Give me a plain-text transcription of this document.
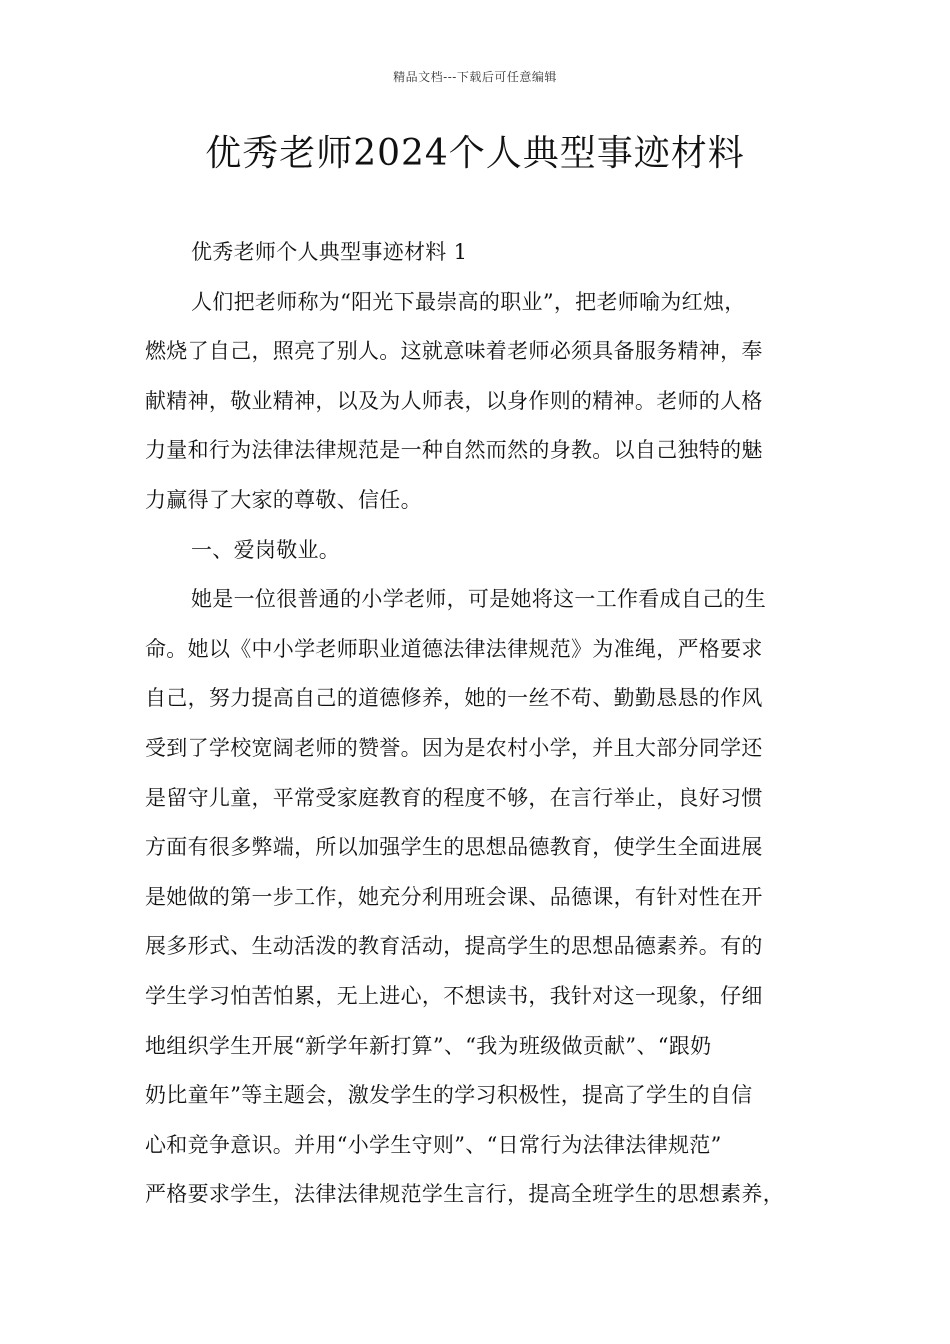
精品文档---下载后可任意编辑
优秀老师2024个人典型事迹材料
优秀老师个人典型事迹材料 1
人们把老师称为“阳光下最崇高的职业”，把老师喻为红烛，
燃烧了自己，照亮了别人。这就意味着老师必须具备服务精神，奉
献精神，敬业精神，以及为人师表，以身作则的精神。老师的人格
力量和行为法律法律规范是一种自然而然的身教。以自己独特的魅
力赢得了大家的尊敬、信任。
一、爱岗敬业。
她是一位很普通的小学老师，可是她将这一工作看成自己的生
命。她以《中小学老师职业道德法律法律规范》为准绳，严格要求
自己，努力提高自己的道德修养，她的一丝不苟、勤勤恳恳的作风
受到了学校宽阔老师的赞誉。因为是农村小学，并且大部分同学还
是留守儿童，平常受家庭教育的程度不够，在言行举止，良好习惯
方面有很多弊端，所以加强学生的思想品德教育，使学生全面进展
是她做的第一步工作，她充分利用班会课、品德课，有针对性在开
展多形式、生动活泼的教育活动，提高学生的思想品德素养。有的
学生学习怕苦怕累，无上进心，不想读书，我针对这一现象，仔细
地组织学生开展“新学年新打算”、“我为班级做贡献”、“跟奶
奶比童年”等主题会，激发学生的学习积极性，提高了学生的自信
心和竞争意识。并用“小学生守则”、“日常行为法律法律规范”
严格要求学生，法律法律规范学生言行，提高全班学生的思想素养，
